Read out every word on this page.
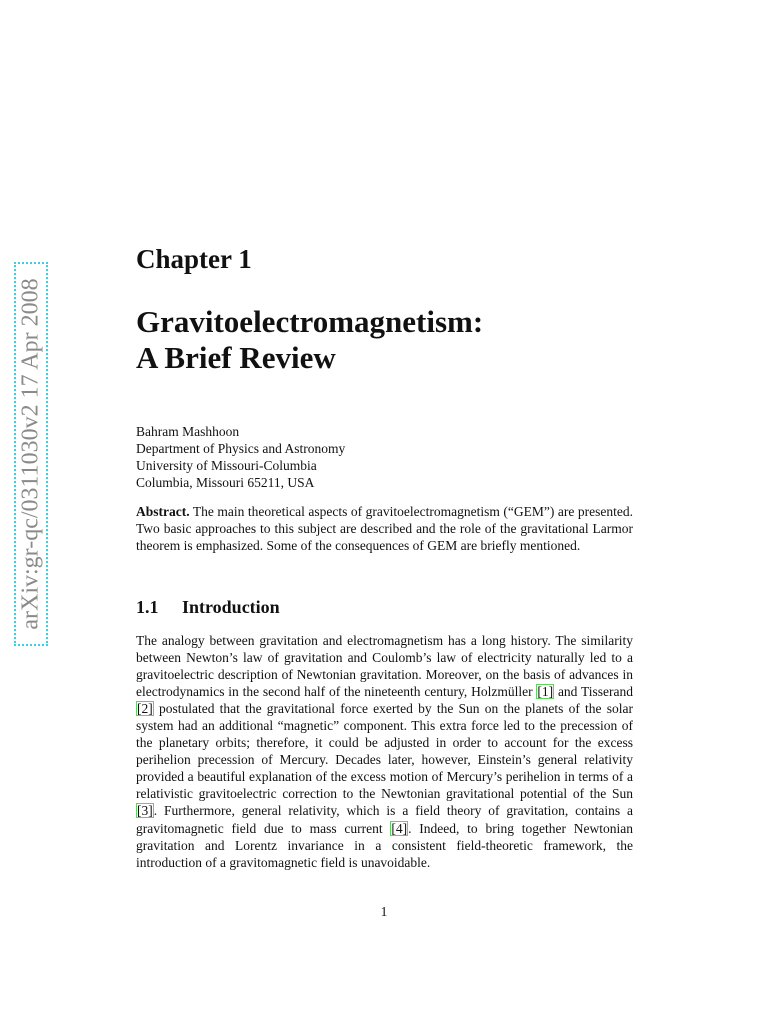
arXiv:gr-qc/0311030v2 17 Apr 2008
Chapter 1
Gravitoelectromagnetism:
A Brief Review
Bahram Mashhoon
Department of Physics and Astronomy
University of Missouri-Columbia
Columbia, Missouri 65211, USA
Abstract. The main theoretical aspects of gravitoelectromagnetism (“GEM”) are presented. Two basic approaches to this subject are described and the role of the gravitational Larmor theorem is emphasized. Some of the consequences of GEM are briefly mentioned.
1.1 Introduction
The analogy between gravitation and electromagnetism has a long history. The similarity between Newton’s law of gravitation and Coulomb’s law of electricity naturally led to a gravitoelectric description of Newtonian gravitation. Moreover, on the basis of advances in electrodynamics in the second half of the nineteenth century, Holzmüller [1] and Tisserand [2] postulated that the gravitational force exerted by the Sun on the planets of the solar system had an additional “magnetic” component. This extra force led to the precession of the planetary orbits; therefore, it could be adjusted in order to account for the excess perihelion precession of Mercury. Decades later, however, Einstein’s general relativity provided a beautiful explanation of the excess motion of Mercury’s perihelion in terms of a relativistic gravitoelectric correction to the Newtonian gravitational potential of the Sun [3]. Furthermore, general relativity, which is a field theory of gravitation, contains a gravitomagnetic field due to mass current [4]. Indeed, to bring together Newtonian gravitation and Lorentz invariance in a consistent field-theoretic framework, the introduction of a gravitomagnetic field is unavoidable.
1
